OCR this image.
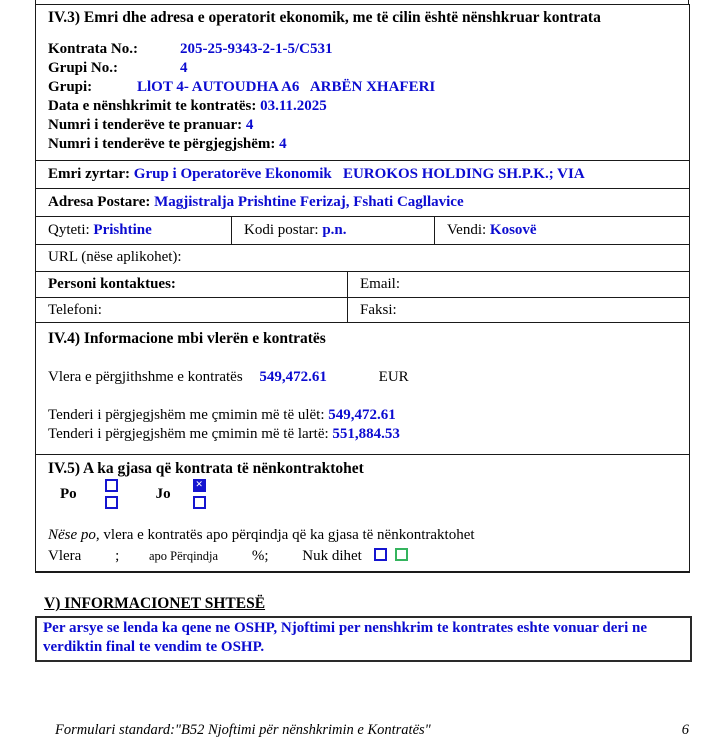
IV.3) Emri dhe adresa e operatorit ekonomik, me të cilin është nënshkruar kontrata
Kontrata No.:	205-25-9343-2-1-5/C531
Grupi No.:	4
Grupi:	LlOT 4- AUTOUDHA A6   ARBËN XHAFERI
Data e nënshkrimit te kontratës: 03.11.2025
Numri i tenderëve te pranuar: 4
Numri i tenderëve te përgjegjshëm: 4
Emri zyrtar: Grup i Operatorëve Ekonomik   EUROKOS HOLDING SH.P.K.; VIA
Adresa Postare: Magjistralja Prishtine Ferizaj, Fshati Cagllavice
Qyteti: Prishtine	Kodi postar: p.n.	Vendi: Kosovë
URL (nëse aplikohet):
Personi kontaktues:	Email:
Telefoni:	Faksi:
IV.4) Informacione mbi vlerën e kontratës
Vlera e përgjithshme e kontratës 549,472.61	EUR
Tenderi i përgjegjshëm me çmimin më të ulët: 549,472.61
Tenderi i përgjegjshëm me çmimin më të lartë: 551,884.53
IV.5) A ka gjasa që kontrata të nënkontraktohet
Po	Jo
✕
Nëse po, vlera e kontratës apo përqindja që ka gjasa të nënkontraktohet
Vlera ; apo Përqindja %; Nuk dihet
V) INFORMACIONET SHTESË
Per arsye se lenda ka qene ne OSHP, Njoftimi per nenshkrim te kontrates eshte vonuar deri ne verdiktin final te vendim te OSHP.
Formulari standard:"B52 Njoftimi për nënshkrimin e Kontratës"	6
